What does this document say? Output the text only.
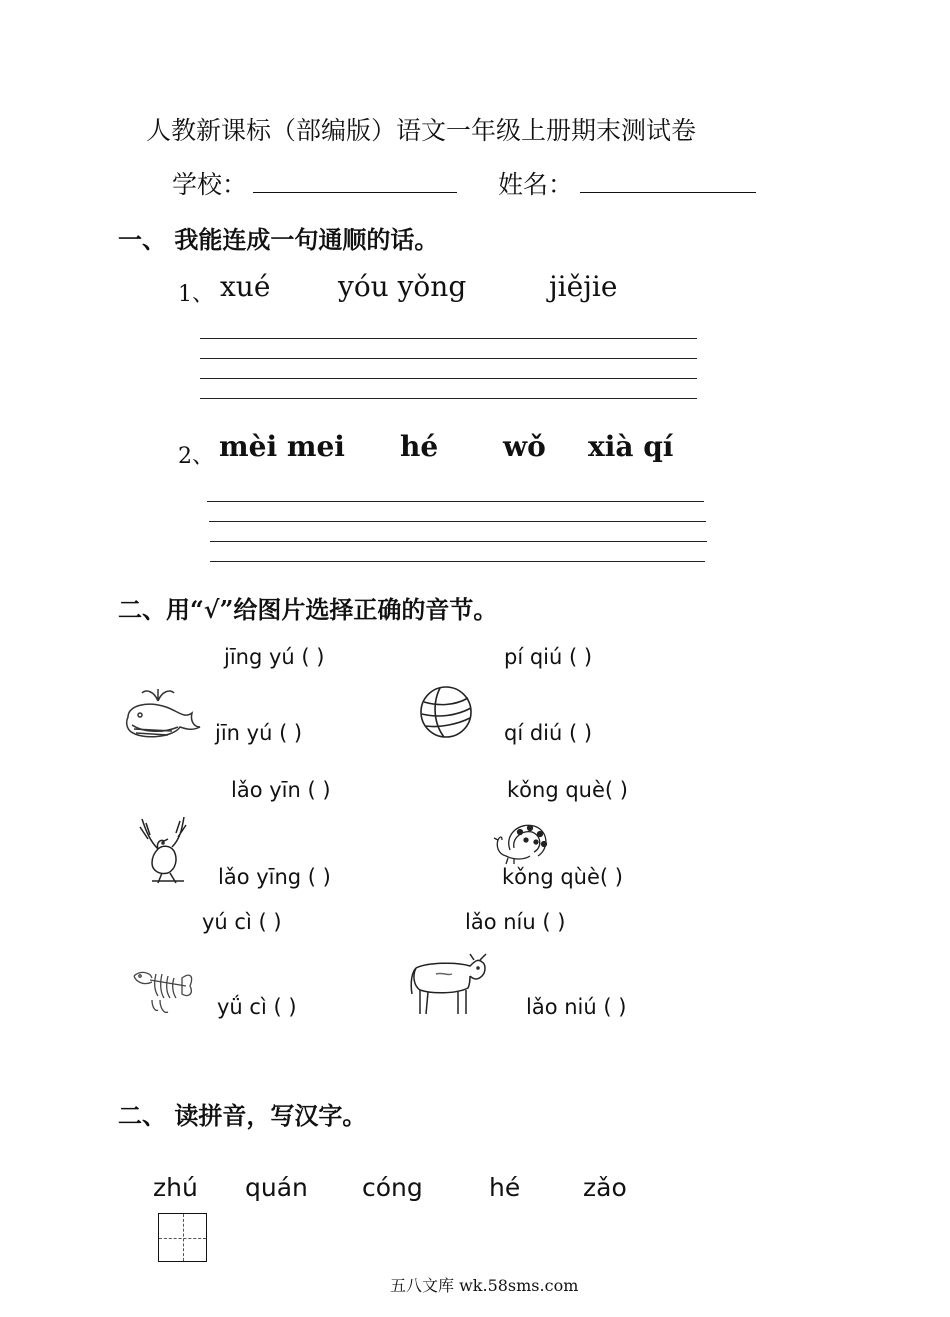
人教新课标（部编版）语文一年级上册期末测试卷
学校：	姓名：
一、 我能连成一句通顺的话。
1、 xué yóu yǒng	jiějie
2、 mèi mei hé wǒ xià qí
二、用“√”给图片选择正确的音节。
jīng yú ( )	pí qiú ( )
jīn yú ( )	qí diú ( )
lǎo yīn ( )	kǒng què( )
lǎo yīng ( )	kǒng qùè( )
yú cì ( )	lǎo níu ( )
yǘ cì ( )	lǎo niú ( )
二、 读拼音，写汉字。
zhú quán cóng	hé	zǎo
五八文库 wk.58sms.com
